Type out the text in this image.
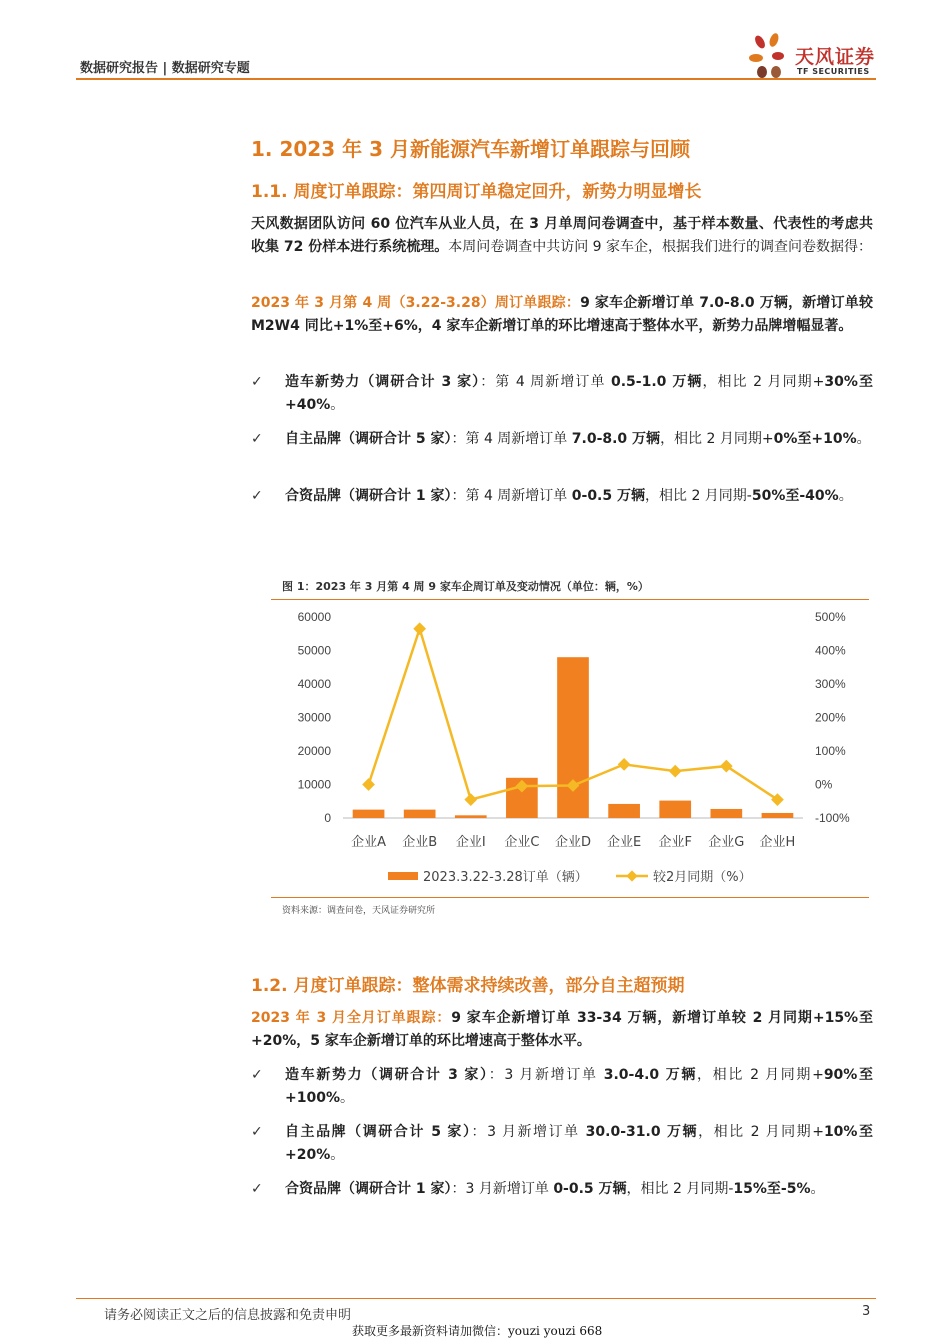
数据研究报告 | 数据研究专题
天风证券
TF SECURITIES
1. 2023 年 3 月新能源汽车新增订单跟踪与回顾
1.1. 周度订单跟踪：第四周订单稳定回升，新势力明显增长
天风数据团队访问 60 位汽车从业人员，在 3 月单周问卷调查中，基于样本数量、代表性的考虑共收集 72 份样本进行系统梳理。本周问卷调查中共访问 9 家车企，根据我们进行的调查问卷数据得：
2023 年 3 月第 4 周（3.22-3.28）周订单跟踪：9 家车企新增订单 7.0-8.0 万辆，新增订单较 M2W4 同比+1%至+6%，4 家车企新增订单的环比增速高于整体水平，新势力品牌增幅显著。
✓ 造车新势力（调研合计 3 家）：第 4 周新增订单 0.5-1.0 万辆，相比 2 月同期+30%至+40%。
✓ 自主品牌（调研合计 5 家）：第 4 周新增订单 7.0-8.0 万辆，相比 2 月同期+0%至+10%。
✓ 合资品牌（调研合计 1 家）：第 4 周新增订单 0-0.5 万辆，相比 2 月同期-50%至-40%。
图 1：2023 年 3 月第 4 周 9 家车企周订单及变动情况（单位：辆，%）
60000
50000
40000
30000
20000
10000
0
500%
400%
300%
200%
100%
0%
-100%
企业A 企业B 企业I 企业C 企业D 企业E 企业F 企业G 企业H
2023.3.22-3.28订单（辆）	较2月同期（%）
资料来源：调查问卷，天风证券研究所
1.2. 月度订单跟踪：整体需求持续改善，部分自主超预期
2023 年 3 月全月订单跟踪：9 家车企新增订单 33-34 万辆，新增订单较 2 月同期+15%至+20%，5 家车企新增订单的环比增速高于整体水平。
✓ 造车新势力（调研合计 3 家）：3 月新增订单 3.0-4.0 万辆，相比 2 月同期+90%至+100%。
✓ 自主品牌（调研合计 5 家）：3 月新增订单 30.0-31.0 万辆，相比 2 月同期+10%至+20%。
✓ 合资品牌（调研合计 1 家）：3 月新增订单 0-0.5 万辆，相比 2 月同期-15%至-5%。
请务必阅读正文之后的信息披露和免责申明	3
获取更多最新资料请加微信：youzi youzi 668
